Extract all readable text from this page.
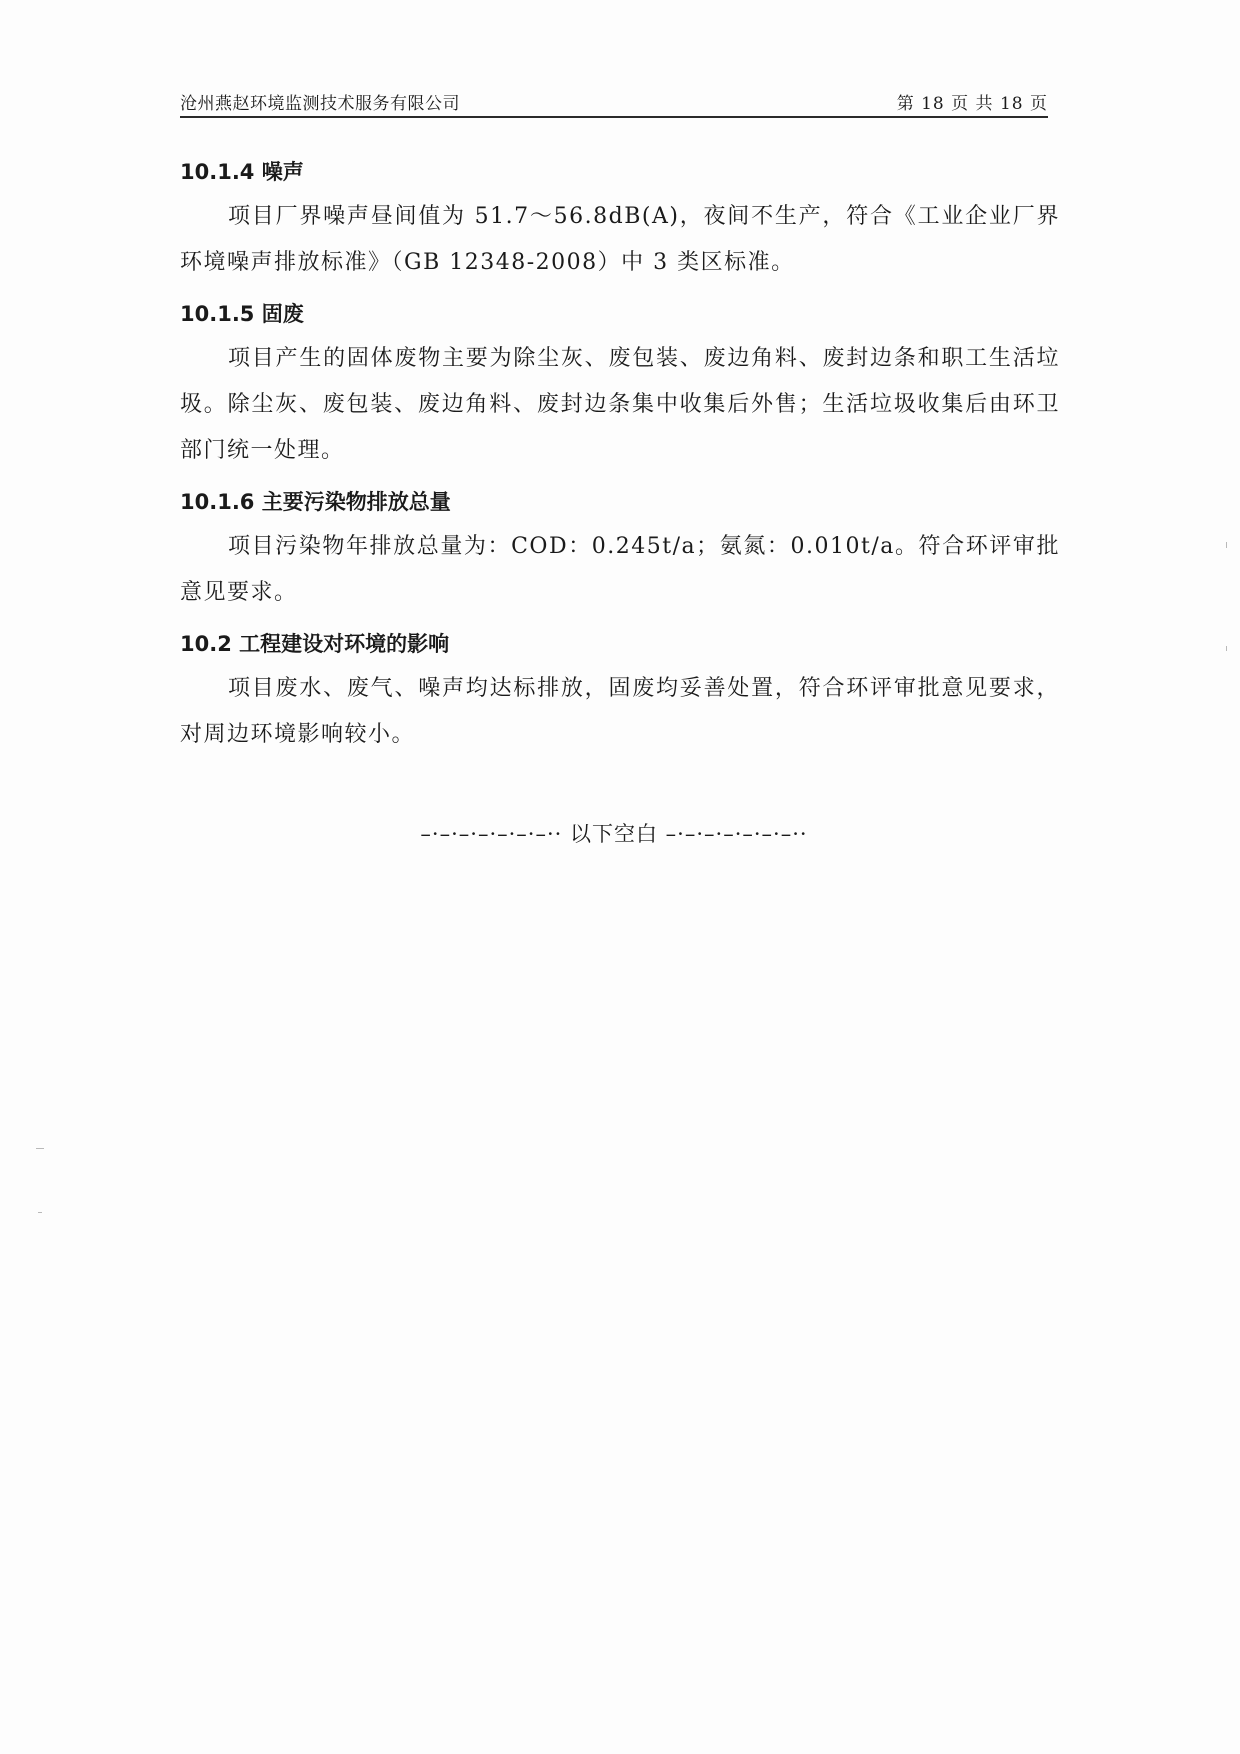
沧州燕赵环境监测技术服务有限公司	第 18 页 共 18 页
10.1.4 噪声

项目厂界噪声昼间值为 51.7～56.8dB(A)，夜间不生产，符合《工业企业厂界环境噪声排放标准》（GB 12348-2008）中 3 类区标准。

10.1.5 固废

项目产生的固体废物主要为除尘灰、废包装、废边角料、废封边条和职工生活垃圾。除尘灰、废包装、废边角料、废封边条集中收集后外售；生活垃圾收集后由环卫部门统一处理。

10.1.6 主要污染物排放总量

项目污染物年排放总量为：COD：0.245t/a；氨氮：0.010t/a。符合环评审批意见要求。

10.2 工程建设对环境的影响

项目废水、废气、噪声均达标排放，固废均妥善处置，符合环评审批意见要求，对周边环境影响较小。

–·–·–·–·–·–·–·· 以下空白 –·–·–·–·–·–·–··
